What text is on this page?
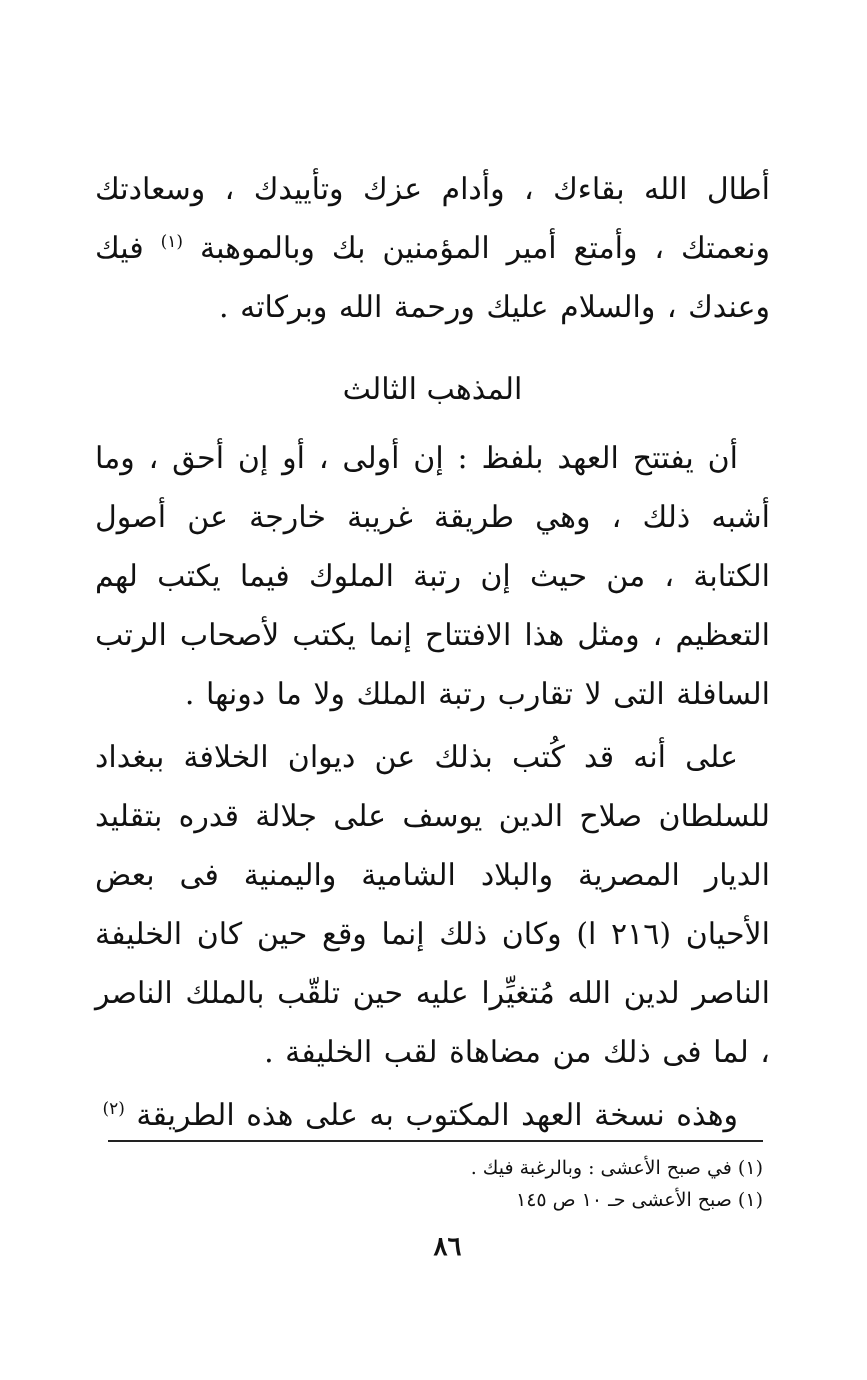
أطال الله بقاءك ، وأدام عزك وتأييدك ، وسعادتك ونعمتك ، وأمتع أمير المؤمنين بك وبالموهبة $^{(١)}$ فيك وعندك ، والسلام عليك ورحمة الله وبركاته .

المذهب الثالث

أن يفتتح العهد بلفظ : إن أولى ، أو إن أحق ، وما أشبه ذلك ، وهي طريقة غريبة خارجة عن أصول الكتابة ، من حيث إن رتبة الملوك فيما يكتب لهم التعظيم ، ومثل هذا الافتتاح إنما يكتب لأصحاب الرتب السافلة التى لا تقارب رتبة الملك ولا ما دونها .

على أنه قد كُتب بذلك عن ديوان الخلافة ببغداد للسلطان صلاح الدين يوسف على جلالة قدره بتقليد الديار المصرية والبلاد الشامية واليمنية فى بعض الأحيان (٢١٦ ا) وكان ذلك إنما وقع حين كان الخليفة الناصر لدين الله مُتغيِّرا عليه حين تلقّب بالملك الناصر ، لما فى ذلك من مضاهاة لقب الخليفة .

وهذه نسخة العهد المكتوب به على هذه الطريقة $^{(٢)}$

(١) في صبح الأعشى : وبالرغبة فيك .

(١) صبح الأعشى حـ ١٠ ص ١٤٥

٨٦
